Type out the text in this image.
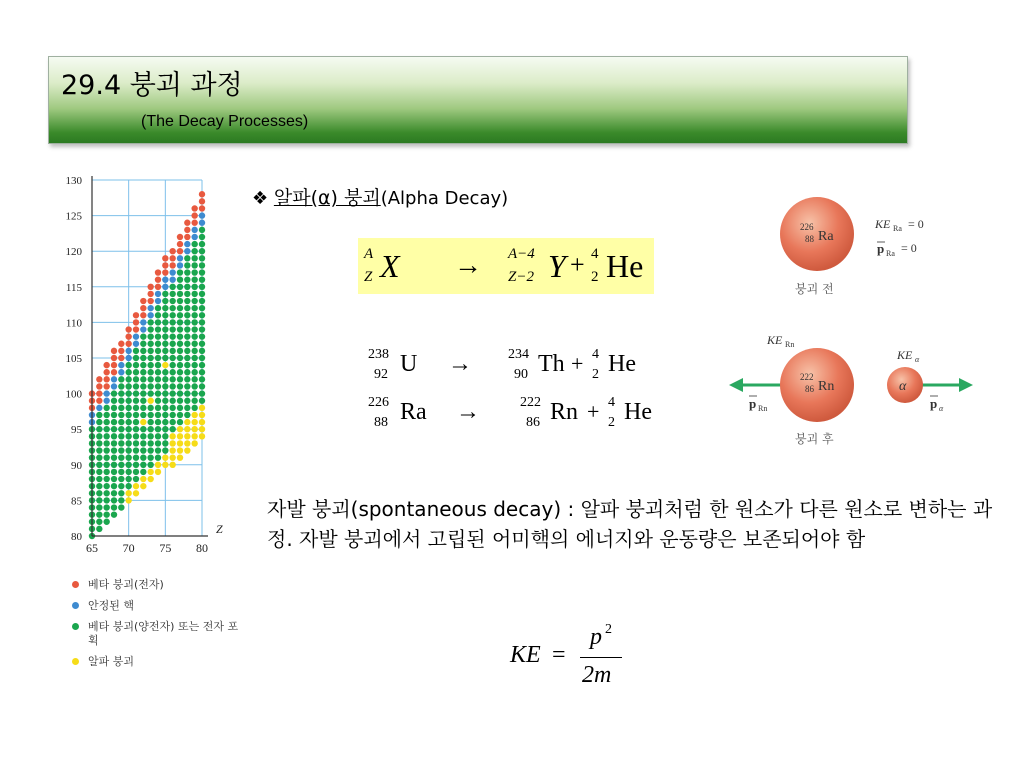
29.4 붕괴 과정
(The Decay Processes)
65 70 75 80
80
85
90
95
100
105
110
115
120
125
130
Z
베타 붕괴(전자)
안정된 핵
베타 붕괴(양전자) 또는 전자 포획
알파 붕괴
❖ 알파(α) 붕괴(Alpha Decay)
A
Z X → A−4
Z−2 Y + 4
2 He
238
92 U →	234
90 Th + 4
2 He
226
88 Ra →	222
86 Rn + 4
2 He
226
88 Ra
붕괴 전
KE Ra = 0
p Ra = 0
222
86 Rn
붕괴 후
KE Rn
p Rn
α
KE α
p α
자발 붕괴(spontaneous decay) : 알파 붕괴처럼 한 원소가 다른 원소로 변하는 과정. 자발 붕괴에서 고립된 어미핵의 에너지와 운동량은 보존되어야 함
KE =
p 2
2m
